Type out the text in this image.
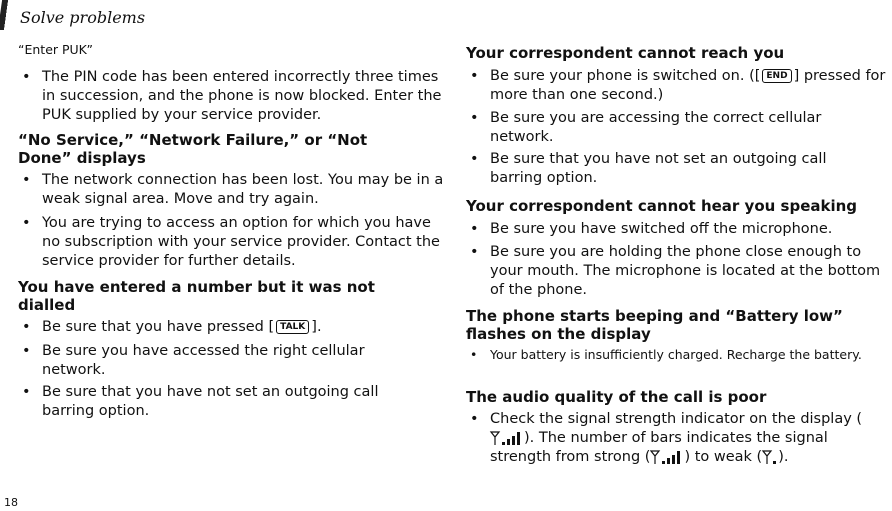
Solve problems
“Enter PUK”
• The PIN code has been entered incorrectly three times in succession, and the phone is now blocked. Enter the PUK supplied by your service provider.
“No Service,” “Network Failure,” or “Not Done” displays
• The network connection has been lost. You may be in a weak signal area. Move and try again.
• You are trying to access an option for which you have no subscription with your service provider. Contact the service provider for further details.
You have entered a number but it was not dialled
• Be sure that you have pressed [ TALK ].
• Be sure you have accessed the right cellular network.
• Be sure that you have not set an outgoing call barring option.
Your correspondent cannot reach you
• Be sure your phone is switched on. ([ END ] pressed for more than one second.)
• Be sure you are accessing the correct cellular network.
• Be sure that you have not set an outgoing call barring option.
Your correspondent cannot hear you speaking
• Be sure you have switched off the microphone.
• Be sure you are holding the phone close enough to your mouth. The microphone is located at the bottom of the phone.
The phone starts beeping and “Battery low” flashes on the display
• Your battery is insufficiently charged. Recharge the battery.
The audio quality of the call is poor
• Check the signal strength indicator on the display (). The number of bars indicates the signal strength from strong ( ) to weak ( ).
18
